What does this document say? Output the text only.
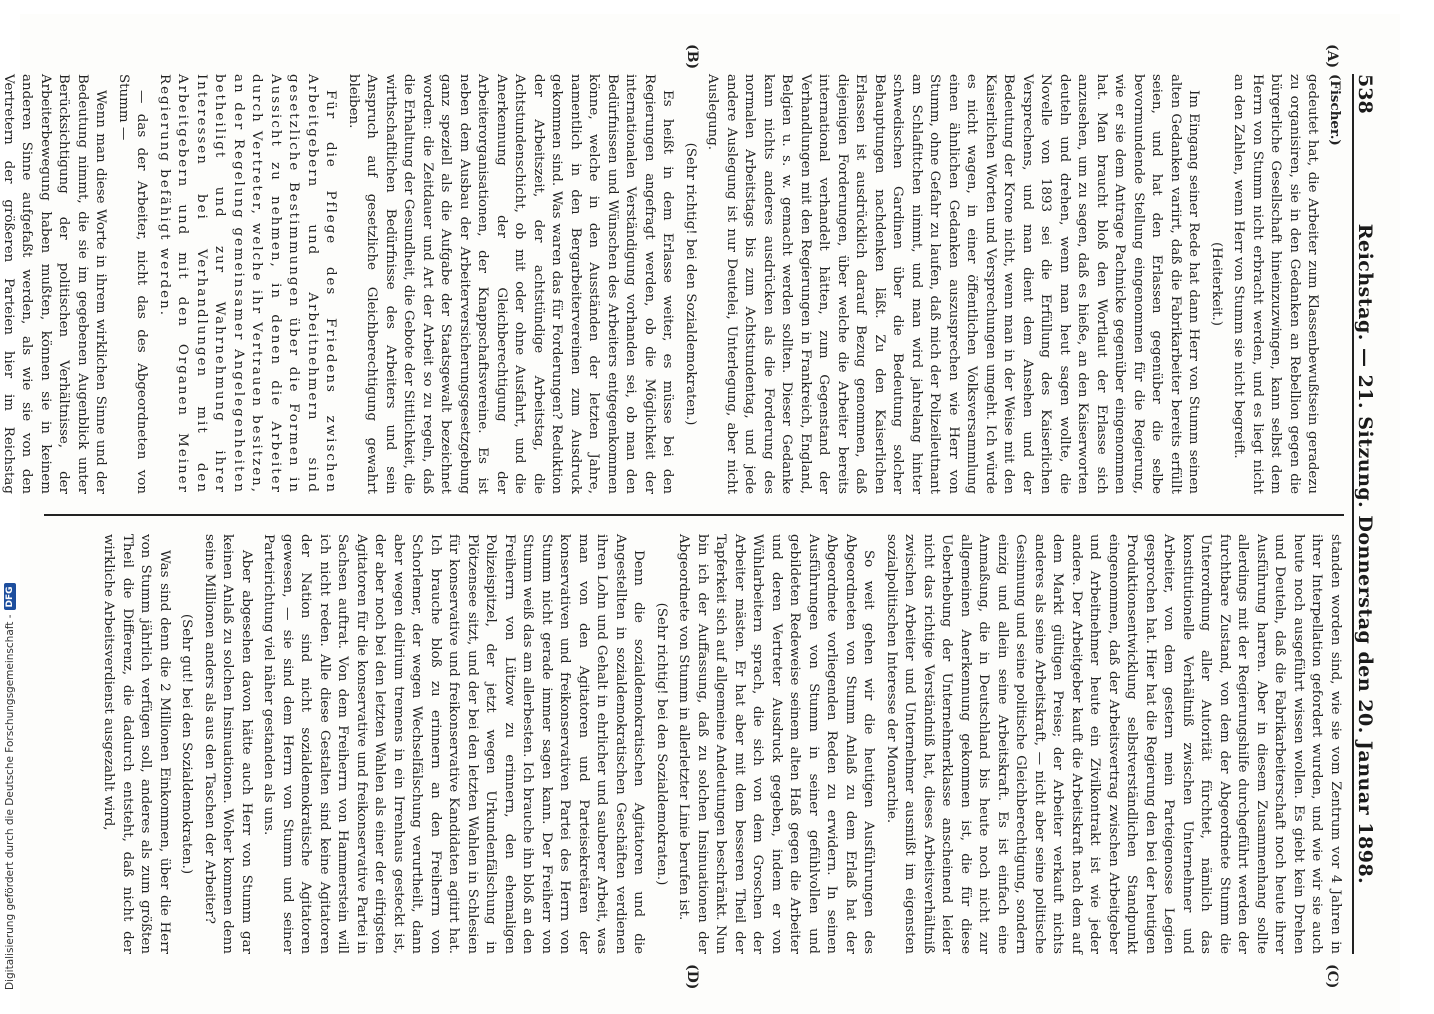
Digitalisierung gefördert durch die Deutsche Forschungsgemeinschaft -
DFG
538
Reichstag. — 21. Sitzung. Donnerstag den 20. Januar 1898.
(A)
(B)
(C)
(D)

(Fischer.)

gedeutet hat, die Arbeiter zum Klassenbewußtsein geradezu zu organisiren, sie in den Gedanken an Rebellion gegen die bürgerliche Gesellschaft hineinzuzwingen, kann selbst dem Herrn von Stumm nicht erbracht werden, und es liegt nicht an den Zahlen, wenn Herr von Stumm sie nicht begreift.

(Heiterkeit.)

Im Eingang seiner Rede hat dann Herr von Stumm seinen alten Gedanken variirt, daß die Fabrikarbeiter bereits erfüllt seien, und hat den Erlassen gegenüber die selbe bevormundende Stellung eingenommen für die Regierung, wie er sie dem Antrage Pachnicke gegenüber eingenommen hat. Man braucht bloß den Wortlaut der Erlasse sich anzusehen, um zu sagen, daß es hieße, an den Kaiserworten deuteln und drehen, wenn man heut sagen wollte, die Novelle von 1893 sei die Erfüllung des Kaiserlichen Versprechens, und man dient dem Ansehen und der Bedeutung der Krone nicht, wenn man in der Weise mit den Kaiserlichen Worten und Versprechungen umgeht. Ich würde es nicht wagen, in einer öffentlichen Volksversammlung einen ähnlichen Gedanken auszusprechen wie Herr von Stumm, ohne Gefahr zu laufen, daß mich der Polizeileutnant am Schlafittchen nimmt, und man wird jahrelang hinter schwedischen Gardinen über die Bedeutung solcher Behauptungen nachdenken läßt. Zu den Kaiserlichen Erlassen ist ausdrücklich darauf Bezug genommen, daß diejenigen Forderungen, über welche die Arbeiter bereits international verhandelt hätten, zum Gegenstand der Verhandlungen mit den Regierungen in Frankreich, England, Belgien u. s. w. gemacht werden sollten. Dieser Gedanke kann nichts anderes ausdrücken als die Forderung des normalen Arbeitstags bis zum Achtstundentag, und jede andere Auslegung ist nur Deutelei, Unterlegung, aber nicht Auslegung.

(Sehr richtig! bei den Sozialdemokraten.)

Es heißt in dem Erlasse weiter, es müsse bei den Regierungen angefragt werden, ob die Möglichkeit der internationalen Verständigung vorhanden sei, ob man den Bedürfnissen und Wünschen des Arbeiters entgegenkommen könne, welche in den Ausständen der letzten Jahre, namentlich in den Bergarbeitervereinen zum Ausdruck gekommen sind. Was waren das für Forderungen? Reduktion der Arbeitszeit, der achtstündige Arbeitstag, die Achtstundenschicht, ob mit oder ohne Ausfahrt, und die Anerkennung der Gleichberechtigung der Arbeiterorganisationen, der Knappschaftsvereine. Es ist neben dem Ausbau der Arbeiterversicherungsgesetzgebung ganz speziell als die Aufgabe der Staatsgewalt bezeichnet worden: die Zeitdauer und Art der Arbeit so zu regeln, daß die Erhaltung der Gesundheit, die Gebote der Sittlichkeit, die wirthschaftlichen Bedürfnisse des Arbeiters und sein Anspruch auf gesetzliche Gleichberechtigung gewahrt bleiben.

Für die Pflege des Friedens zwischen Arbeitgebern und Arbeitnehmern sind gesetzliche Bestimmungen über die Formen in Aussicht zu nehmen, in denen die Arbeiter durch Vertreter, welche ihr Vertrauen besitzen, an der Regelung gemeinsamer Angelegenheiten betheiligt und zur Wahrnehmung ihrer Interessen bei Verhandlungen mit den Arbeitgebern und mit den Organen Meiner Regierung befähigt werden.

— das der Arbeiter, nicht das des Abgeordneten von Stumm —

Wenn man diese Worte in ihrem wirklichen Sinne und der Bedeutung nimmt, die sie im gegebenen Augenblick unter Berücksichtigung der politischen Verhältnisse, der Arbeiterbewegung haben mußten, können sie in keinem anderen Sinne aufgefaßt werden, als wie sie von den Vertretern der größeren Parteien hier im Reichstag

standen worden sind, wie sie vom Zentrum vor 4 Jahren in ihrer Interpellation gefordert wurden, und wie wir sie auch heute noch ausgeführt wissen wollen. Es giebt kein Drehen und Deuteln, daß die Fabrikarbeiterschaft noch heute ihrer Ausführung harren. Aber in diesem Zusammenhang sollte allerdings mit der Regierungshilfe durchgeführt werden der furchtbare Zustand, von dem der Abgeordnete Stumm die Unterordnung aller Autorität fürchtet, nämlich das konstitutionelle Verhältniß zwischen Unternehmer und Arbeiter, von dem gestern mein Parteigenosse Legien gesprochen hat. Hier hat die Regierung den bei der heutigen Produktionsentwicklung selbstverständlichen Standpunkt eingenommen, daß der Arbeitsvertrag zwischen Arbeitgeber und Arbeitnehmer heute ein Zivilkontrakt ist wie jeder andere. Der Arbeitgeber kauft die Arbeitskraft nach dem auf dem Markt gültigen Preise; der Arbeiter verkauft nichts anderes als seine Arbeitskraft, — nicht aber seine politische Gesinnung und seine politische Gleichberechtigung, sondern einzig und allein seine Arbeitskraft. Es ist einfach eine Anmaßung, die in Deutschland bis heute noch nicht zur allgemeinen Anerkennung gekommen ist, die für diese Ueberhebung der Unternehmerklasse anscheinend leider nicht das richtige Verständniß hat, dieses Arbeitsverhältniß zwischen Arbeiter und Unternehmer ausmißt im eigensten sozialpolitischen Interesse der Monarchie.

So weit gehen wir die heutigen Ausführungen des Abgeordneten von Stumm Anlaß zu dem Erlaß hat der Abgeordnete vorliegenden Reden zu erwidern. In seinen Ausführungen von Stumm in seiner gefühlvollen und gebildeten Redeweise seinem alten Haß gegen die Arbeiter und deren Vertreter Ausdruck gegeben, indem er von Wühlarbeitern sprach, die sich von dem Groschen der Arbeiter mästen. Er hat aber mit dem besseren Theil der Tapferkeit sich auf allgemeine Andeutungen beschränkt. Nun bin ich der Auffassung, daß zu solchen Insinuationen der Abgeordnete von Stumm in allerletzter Linie berufen ist.

(Sehr richtig! bei den Sozialdemokraten.)

Denn die sozialdemokratischen Agitatoren und die Angestellten in sozialdemokratischen Geschäften verdienen ihren Lohn und Gehalt in ehrlicher und sauberer Arbeit, was man von den Agitatoren und Parteisekretären der konservativen und freikonservativen Partei des Herrn von Stumm nicht gerade immer sagen kann. Der Freiherr von Stumm weiß das am allerbesten. Ich brauche ihn bloß an den Freiherrn von Lützow zu erinnern, den ehemaligen Polizeispitzel, der jetzt wegen Urkundenfälschung in Plötzensee sitzt, und der bei den letzten Wahlen in Schlesien für konservative und freikonservative Kandidaten agitirt hat. Ich brauche bloß zu erinnern an den Freiherrn von Schorlemer, der wegen Wechselfälschung verurtheilt, dann aber wegen delirium tremens in ein Irrenhaus gesteckt ist, der aber noch bei den letzten Wahlen als einer der eifrigsten Agitatoren für die konservative und freikonservative Partei in Sachsen auftrat. Von dem Freiherrn von Hammerstein will ich nicht reden. Alle diese Gestalten sind keine Agitatoren der Nation sind nicht sozialdemokratische Agitatoren gewesen, — sie sind dem Herrn von Stumm und seiner Parteirichtung viel näher gestanden als uns.

Aber abgesehen davon hätte auch Herr von Stumm gar keinen Anlaß zu solchen Insinuationen. Woher kommen denn seine Millionen anders als aus den Taschen der Arbeiter?

(Sehr gut! bei den Sozialdemokraten.)

Was sind denn die 2 Millionen Einkommen, über die Herr von Stumm jährlich verfügen soll, anderes als zum größten Theil die Differenz, die dadurch entsteht, daß nicht der wirkliche Arbeitsverdienst ausgezahlt wird,
